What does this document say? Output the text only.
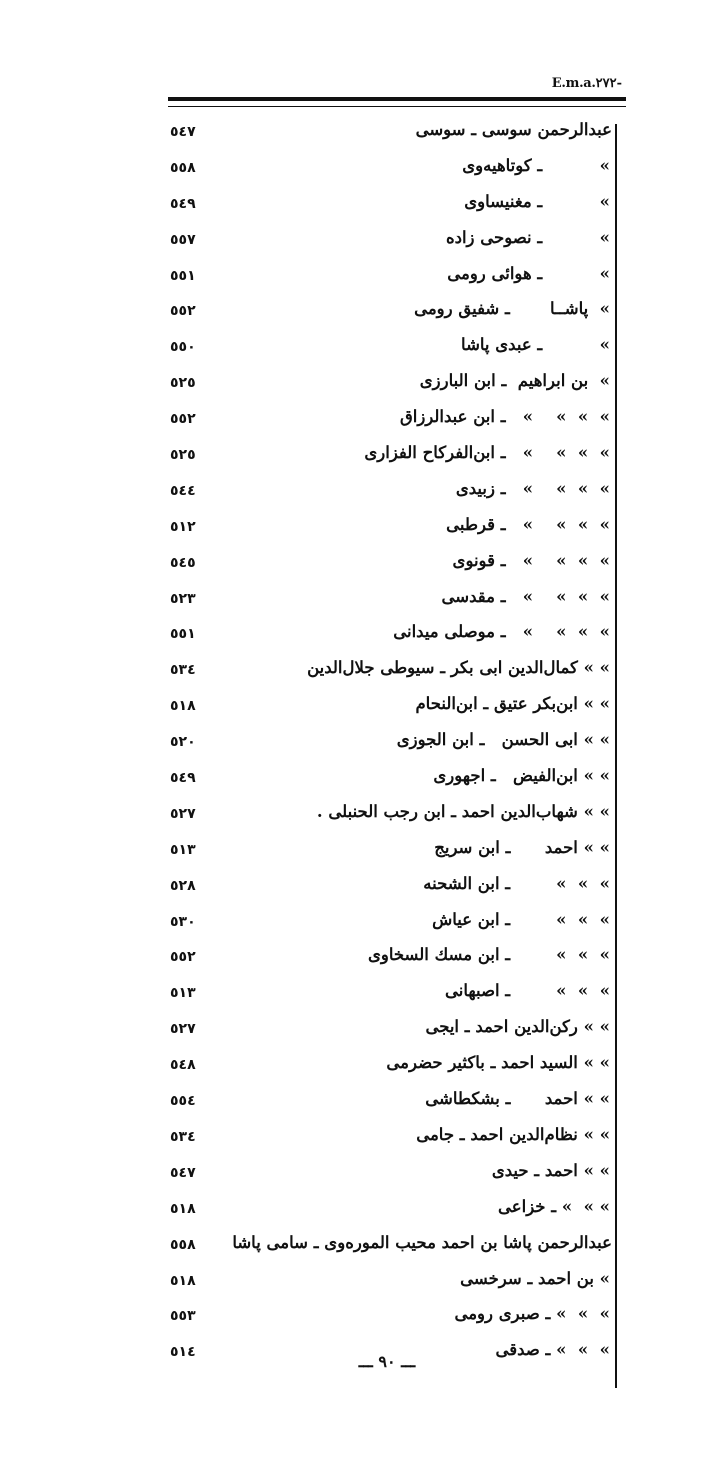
E.m.a.۲۷۲-
٥٤٧	عبدالرحمن سوسى ـ سوسى
٥٥٨	»          ـ كوتاهيه‌وى
٥٤٩	»          ـ مغنيساوى
٥٥٧	»          ـ نصوحى زاده
٥٥١	»          ـ هوائى رومى
٥٥٢	»  پاشــا       ـ شفيق رومى
٥٥٠	»          ـ عبدى پاشا
٥٢٥	»  بن ابراهيم  ـ ابن البارزى
٥٥٢	»  »  »    »   ـ ابن عبدالرزاق
٥٢٥	»  »  »    »   ـ ابن‌الفركاح الفزارى
٥٤٤	»  »  »    »   ـ زبيدى
٥١٢	»  »  »    »   ـ قرطبى
٥٤٥	»  »  »    »   ـ قونوى
٥٢٣	»  »  »    »   ـ مقدسى
٥٥١	»  »  »    »   ـ موصلى ميدانى
٥٣٤	» » كمال‌الدين ابى بكر ـ سيوطى جلال‌الدين
٥١٨	» » ابن‌بكر عتيق ـ ابن‌النحام
٥٢٠	» » ابى الحسن   ـ ابن الجوزى
٥٤٩	» » ابن‌الفيض   ـ اجهورى
٥٢٧	» » شهاب‌الدين احمد ـ ابن رجب الحنبلى .
٥١٣	» » احمد      ـ ابن سريج
٥٢٨	»  »  »        ـ ابن الشحنه
٥٣٠	»  »  »        ـ ابن عياش
٥٥٢	»  »  »        ـ ابن مسك السخاوى
٥١٣	»  »  »        ـ اصبهانى
٥٢٧	» » ركن‌الدين احمد ـ ايجى
٥٤٨	» » السيد احمد ـ باكثير حضرمى
٥٥٤	» » احمد      ـ بشكطاشى
٥٣٤	» » نظام‌الدين احمد ـ جامى
٥٤٧	» » احمد ـ حيدى
٥١٨	» »  » ـ خزاعى
٥٥٨ عبدالرحمن پاشا بن احمد محيب الموره‌وى ـ سامى پاشا
٥١٨	» بن احمد ـ سرخسى
٥٥٣	»  »  » ـ صبرى رومى
٥١٤	»  »  » ـ صدقى
ـــ ٩٠ ـــ
